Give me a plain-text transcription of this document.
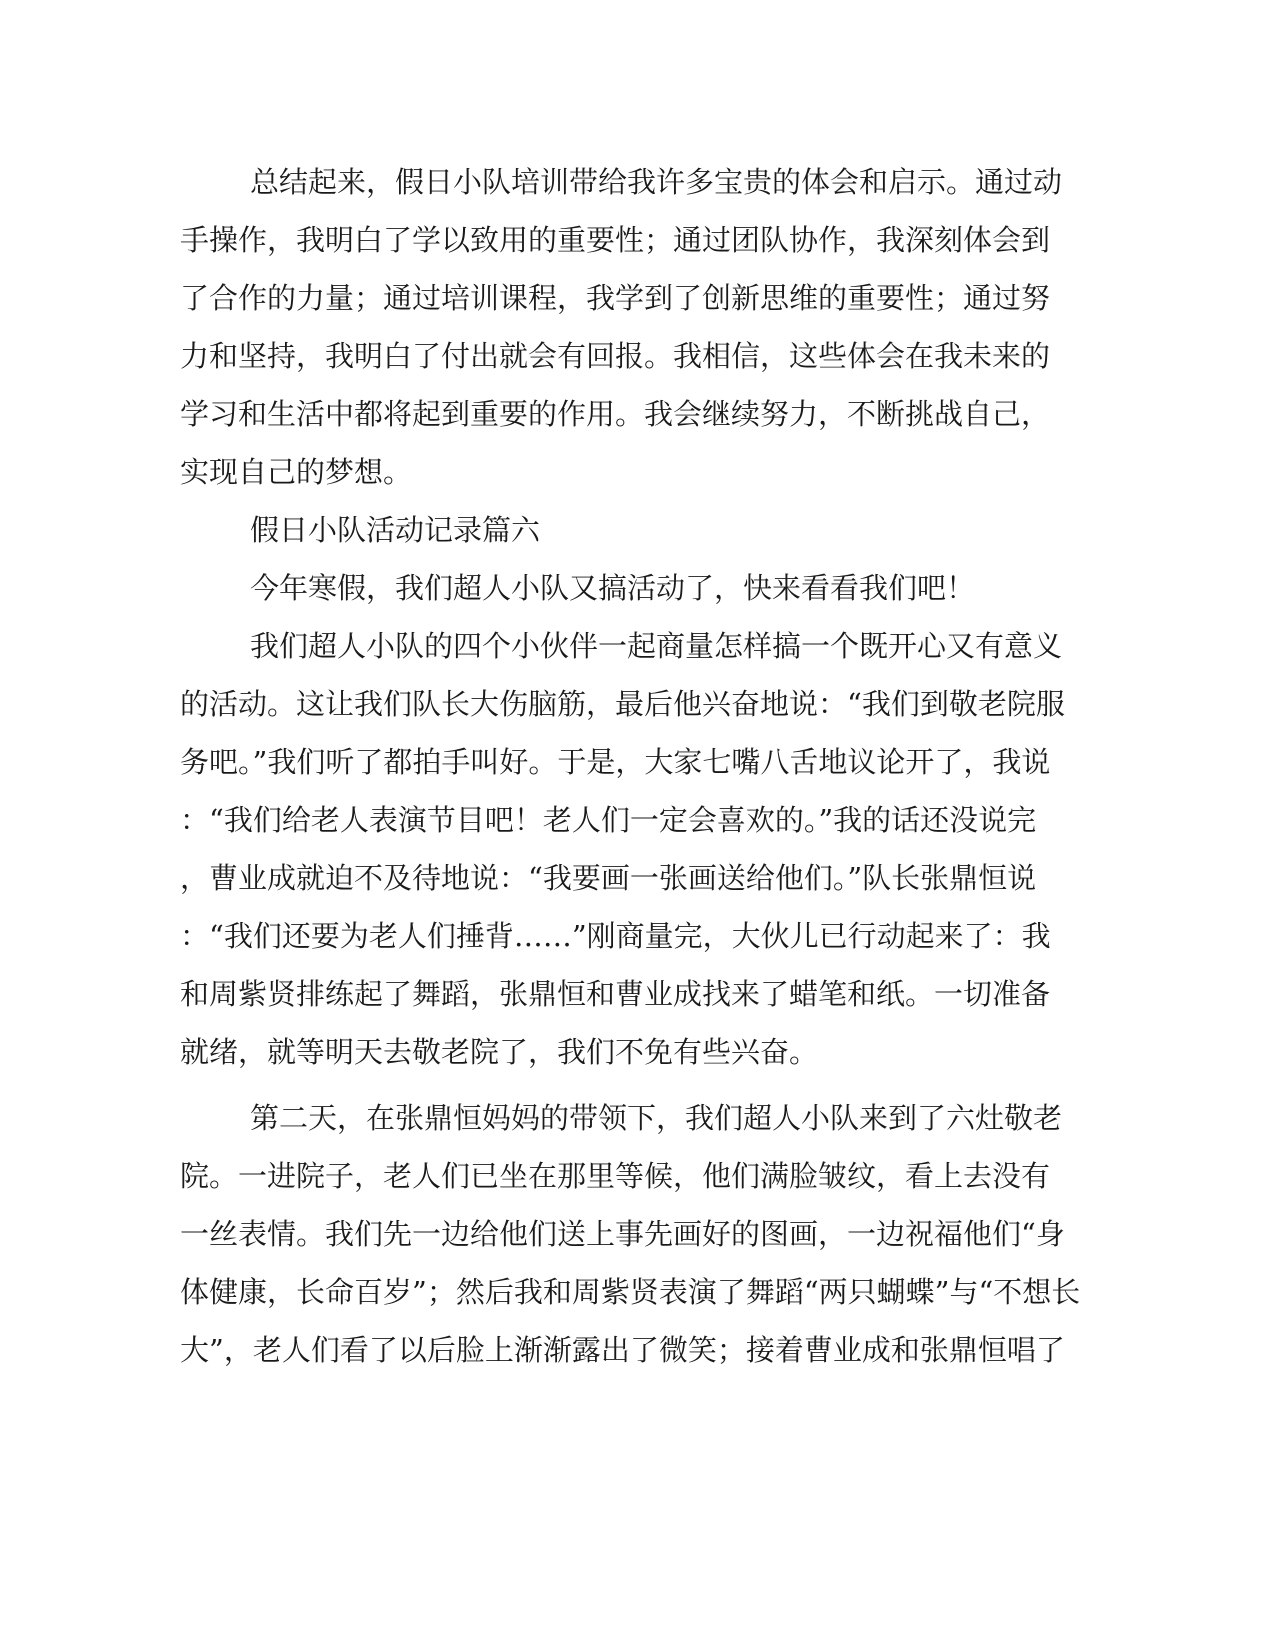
总结起来，假日小队培训带给我许多宝贵的体会和启示。通过动

手操作，我明白了学以致用的重要性；通过团队协作，我深刻体会到

了合作的力量；通过培训课程，我学到了创新思维的重要性；通过努

力和坚持，我明白了付出就会有回报。我相信，这些体会在我未来的

学习和生活中都将起到重要的作用。我会继续努力，不断挑战自己，

实现自己的梦想。

假日小队活动记录篇六

今年寒假，我们超人小队又搞活动了，快来看看我们吧！

我们超人小队的四个小伙伴一起商量怎样搞一个既开心又有意义

的活动。这让我们队长大伤脑筋，最后他兴奋地说：“我们到敬老院服

务吧。”我们听了都拍手叫好。于是，大家七嘴八舌地议论开了，我说

：“我们给老人表演节目吧！老人们一定会喜欢的。”我的话还没说完

，曹业成就迫不及待地说：“我要画一张画送给他们。”队长张鼎恒说

：“我们还要为老人们捶背……”刚商量完，大伙儿已行动起来了：我

和周紫贤排练起了舞蹈，张鼎恒和曹业成找来了蜡笔和纸。一切准备

就绪，就等明天去敬老院了，我们不免有些兴奋。

第二天，在张鼎恒妈妈的带领下，我们超人小队来到了六灶敬老

院。一进院子，老人们已坐在那里等候，他们满脸皱纹，看上去没有

一丝表情。我们先一边给他们送上事先画好的图画，一边祝福他们“身

体健康，长命百岁”；然后我和周紫贤表演了舞蹈“两只蝴蝶”与“不想长

大”，老人们看了以后脸上渐渐露出了微笑；接着曹业成和张鼎恒唱了
